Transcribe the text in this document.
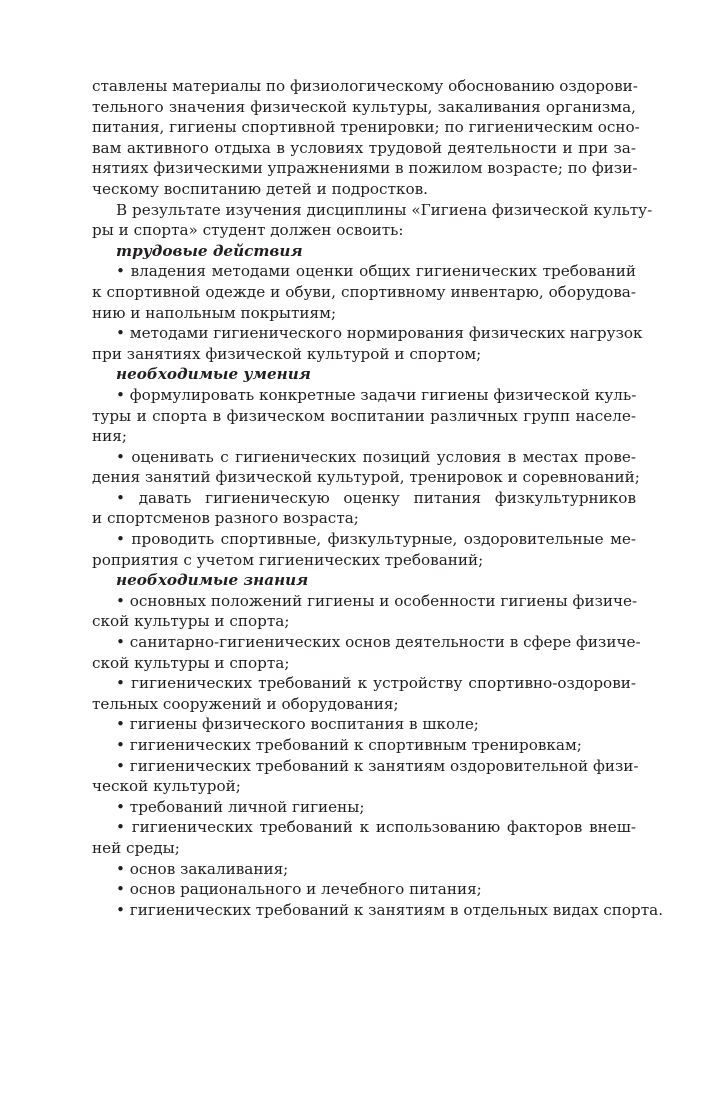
ставлены материалы по физиологическому обоснованию оздорови-
тельного значения физической культуры, закаливания организма,
питания, гигиены спортивной тренировки; по гигиеническим осно-
вам активного отдыха в условиях трудовой деятельности и при за-
нятиях физическими упражнениями в пожилом возрасте; по физи-
ческому воспитанию детей и подростков.
В результате изучения дисциплины «Гигиена физической культу-
ры и спорта» студент должен освоить:
трудовые действия
• владения методами оценки общих гигиенических требований
к спортивной одежде и обуви, спортивному инвентарю, оборудова-
нию и напольным покрытиям;
• методами гигиенического нормирования физических нагрузок
при занятиях физической культурой и спортом;
необходимые умения
• формулировать конкретные задачи гигиены физической куль-
туры и спорта в физическом воспитании различных групп населе-
ния;
• оценивать с гигиенических позиций условия в местах прове-
дения занятий физической культурой, тренировок и соревнований;
• давать гигиеническую оценку питания физкультурников
и спортсменов разного возраста;
• проводить спортивные, физкультурные, оздоровительные ме-
роприятия с учетом гигиенических требований;
необходимые знания
• основных положений гигиены и особенности гигиены физиче-
ской культуры и спорта;
• санитарно-гигиенических основ деятельности в сфере физиче-
ской культуры и спорта;
• гигиенических требований к устройству спортивно-оздорови-
тельных сооружений и оборудования;
• гигиены физического воспитания в школе;
• гигиенических требований к спортивным тренировкам;
• гигиенических требований к занятиям оздоровительной физи-
ческой культурой;
• требований личной гигиены;
• гигиенических требований к использованию факторов внеш-
ней среды;
• основ закаливания;
• основ рационального и лечебного питания;
• гигиенических требований к занятиям в отдельных видах спорта.
